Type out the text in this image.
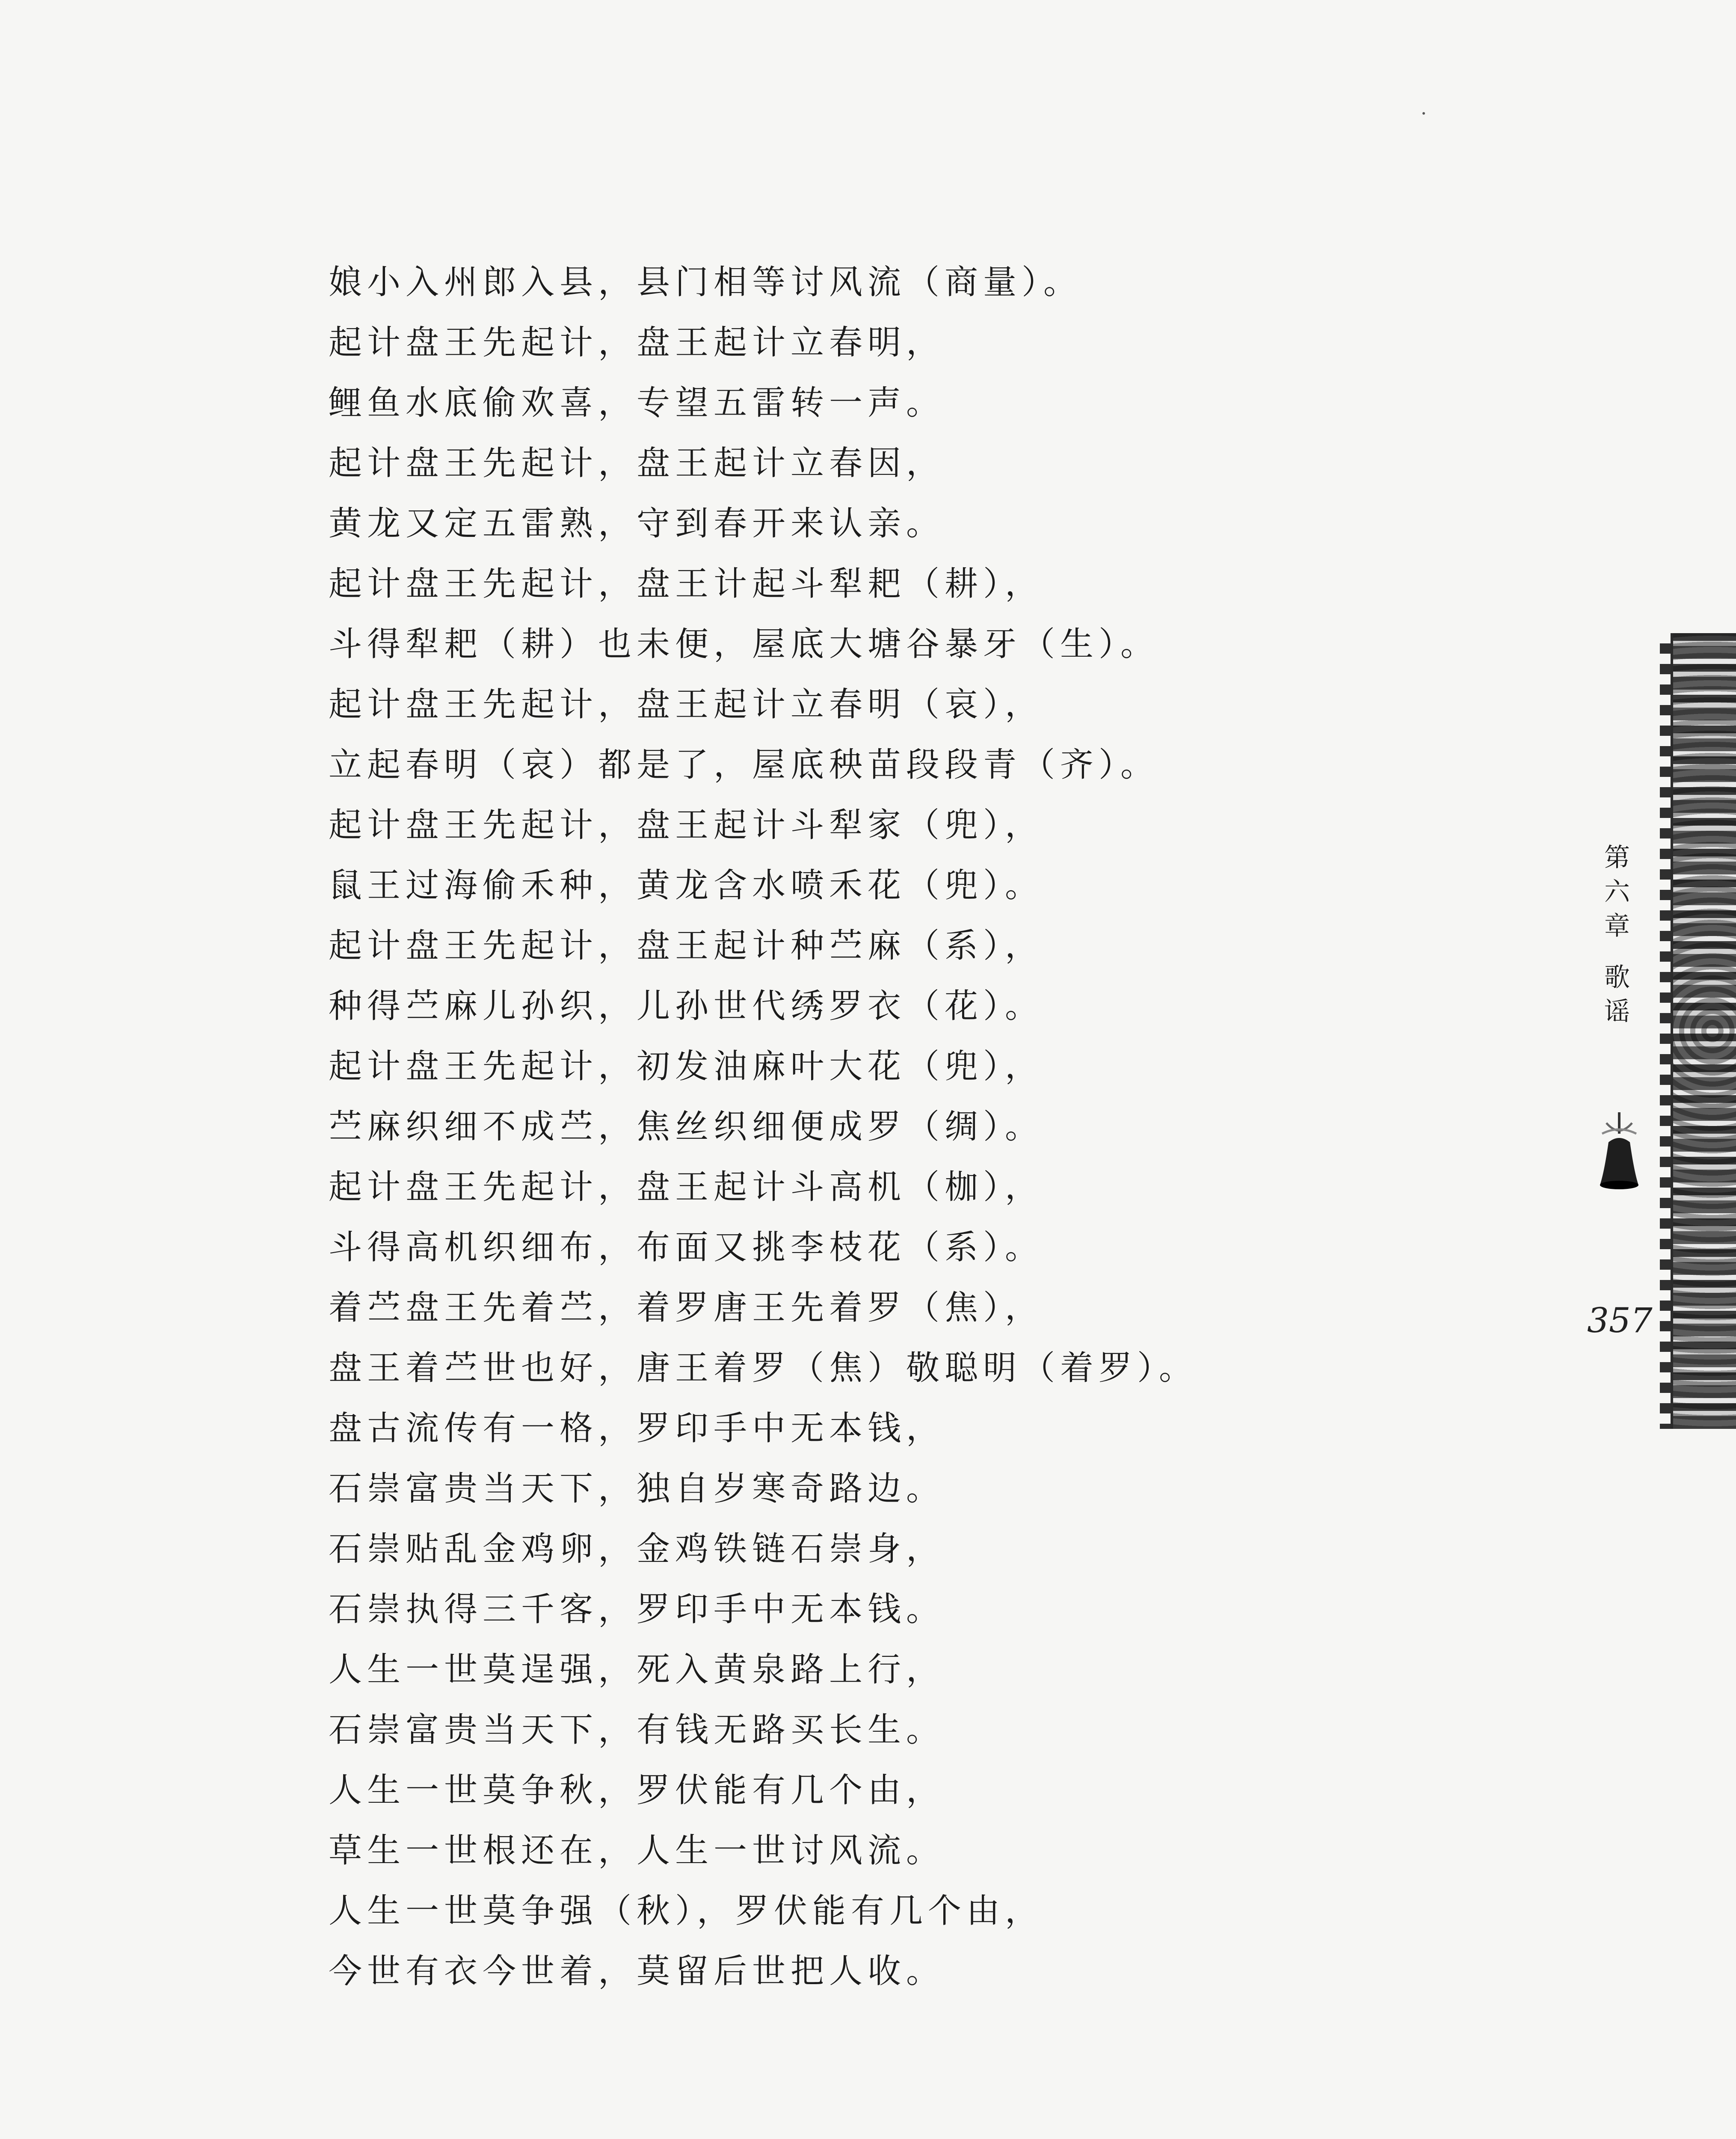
娘小入州郎入县，县门相等讨风流（商量）。
起计盘王先起计，盘王起计立春明，
鲤鱼水底偷欢喜，专望五雷转一声。
起计盘王先起计，盘王起计立春因，
黄龙又定五雷熟，守到春开来认亲。
起计盘王先起计，盘王计起斗犁耙（耕），
斗得犁耙（耕）也未便，屋底大塘谷暴牙（生）。
起计盘王先起计，盘王起计立春明（哀），
立起春明（哀）都是了，屋底秧苗段段青（齐）。
起计盘王先起计，盘王起计斗犁家（兜），
鼠王过海偷禾种，黄龙含水喷禾花（兜）。
起计盘王先起计，盘王起计种苎麻（系），
种得苎麻儿孙织，儿孙世代绣罗衣（花）。
起计盘王先起计，初发油麻叶大花（兜），
苎麻织细不成苎，焦丝织细便成罗（绸）。
起计盘王先起计，盘王起计斗高机（枷），
斗得高机织细布，布面又挑李枝花（系）。
着苎盘王先着苎，着罗唐王先着罗（焦），
盘王着苎世也好，唐王着罗（焦）敬聪明（着罗）。
盘古流传有一格，罗印手中无本钱，
石崇富贵当天下，独自岁寒奇路边。
石崇贴乱金鸡卵，金鸡铁链石崇身，
石崇执得三千客，罗印手中无本钱。
人生一世莫逞强，死入黄泉路上行，
石崇富贵当天下，有钱无路买长生。
人生一世莫争秋，罗伏能有几个由，
草生一世根还在，人生一世讨风流。
人生一世莫争强（秋），罗伏能有几个由，
今世有衣今世着，莫留后世把人收。
第
六
章
歌
谣
357
